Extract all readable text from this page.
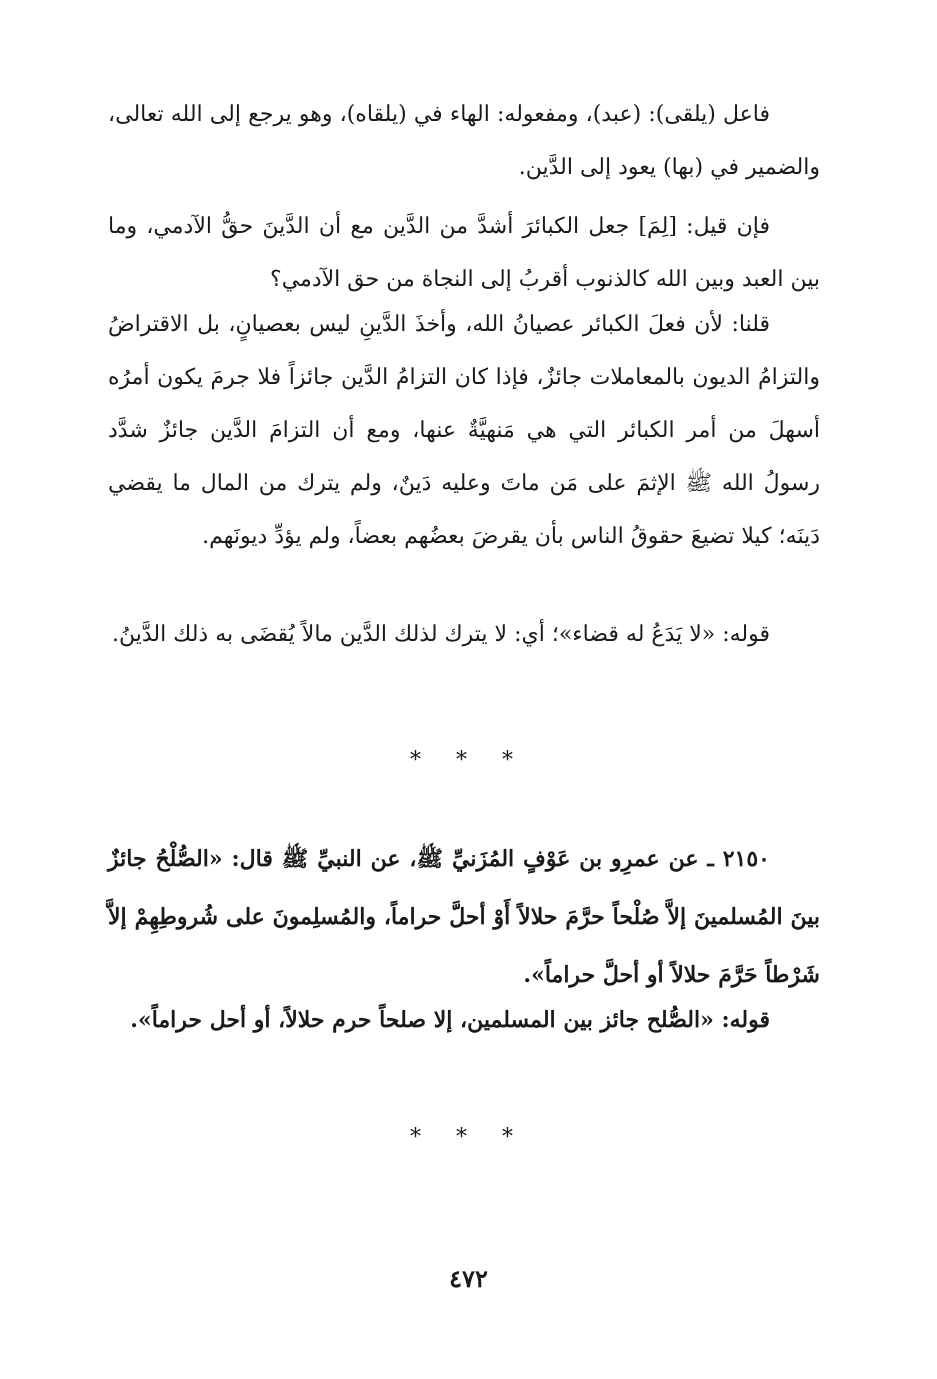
فاعل (يلقى): (عبد)، ومفعوله: الهاء في (يلقاه)، وهو يرجع إلى الله تعالى، والضمير في (بها) يعود إلى الدَّين.

فإن قيل: [لِمَ] جعل الكبائرَ أشدَّ من الدَّين مع أن الدَّينَ حقُّ الآدمي، وما بين العبد وبين الله كالذنوب أقربُ إلى النجاة من حق الآدمي؟

قلنا: لأن فعلَ الكبائر عصيانُ الله، وأخذَ الدَّينِ ليس بعصيانٍ، بل الاقتراضُ والتزامُ الديون بالمعاملات جائزٌ، فإذا كان التزامُ الدَّين جائزاً فلا جرمَ يكون أمرُه أسهلَ من أمر الكبائر التي هي مَنهيَّةٌ عنها، ومع أن التزامَ الدَّين جائزٌ شدَّد رسولُ الله ﷺ الإثمَ على مَن ماتَ وعليه دَينٌ، ولم يترك من المال ما يقضي دَينَه؛ كيلا تضيعَ حقوقُ الناس بأن يقرضَ بعضُهم بعضاً، ولم يؤدِّ ديونَهم.

قوله: «لا يَدَعُ له قضاء»؛ أي: لا يترك لذلك الدَّين مالاً يُقضَى به ذلك الدَّينُ.

* * *

٢١٥٠ ـ عن عمرِو بن عَوْفٍ المُزَنيِّ ﷺ، عن النبيِّ ﷺ قال: «الصُّلْحُ جائزٌ بينَ المُسلمينَ إلاَّ صُلْحاً حرَّمَ حلالاً أَوْ أحلَّ حراماً، والمُسلِمونَ على شُروطِهِمْ إلاَّ شَرْطاً حَرَّمَ حلالاً أو أحلَّ حراماً».

قوله: «الصُّلح جائز بين المسلمين، إلا صلحاً حرم حلالاً، أو أحل حراماً».

* * *
٤٧٢
